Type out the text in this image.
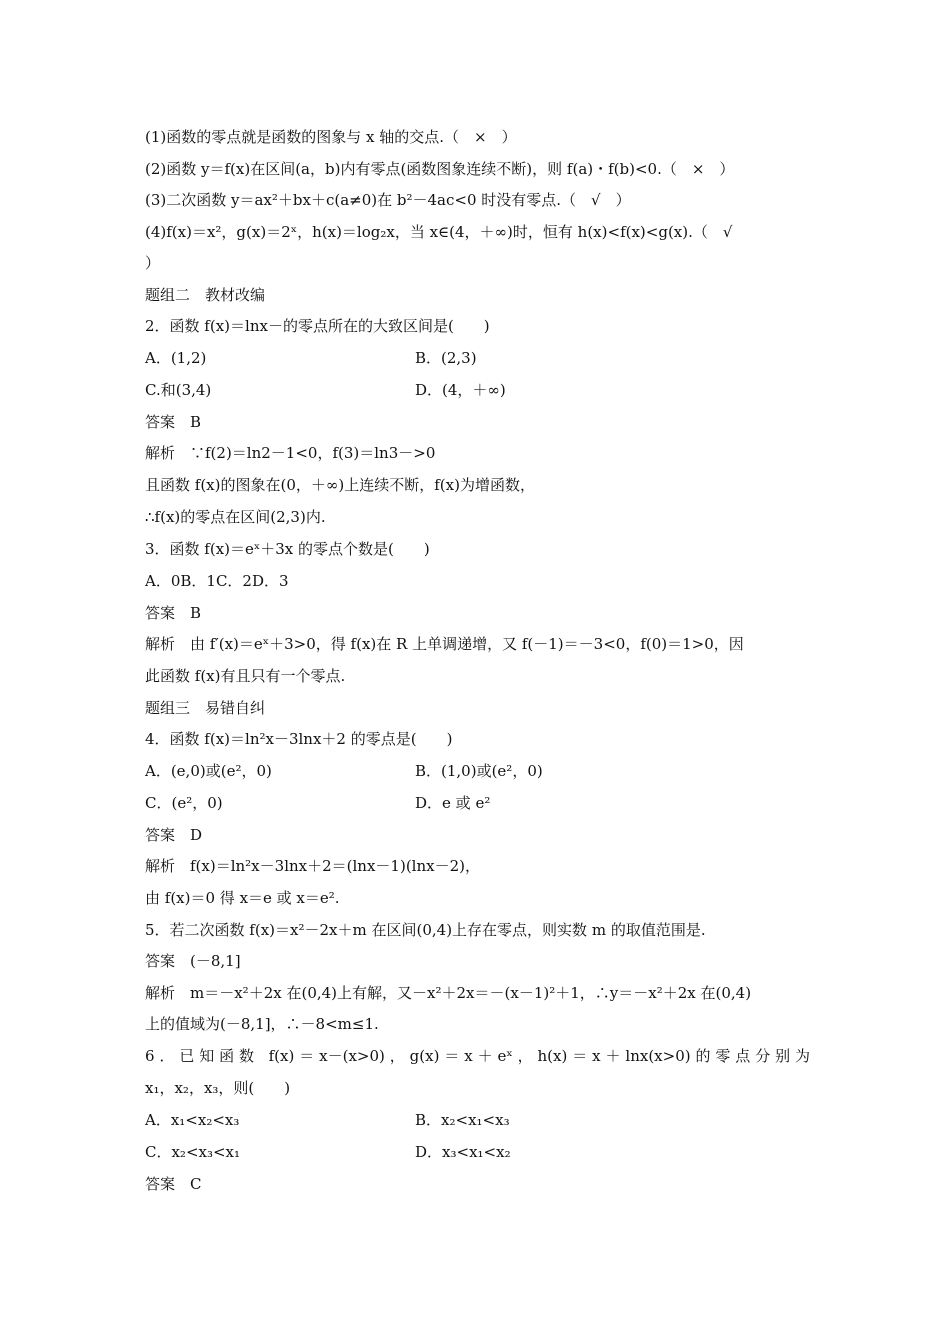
(1)函数的零点就是函数的图象与 x 轴的交点.（　×　）
(2)函数 y＝f(x)在区间(a，b)内有零点(函数图象连续不断)，则 f(a)・f(b)<0.（　×　）
(3)二次函数 y＝ax²＋bx＋c(a≠0)在 b²－4ac<0 时没有零点.（　√　）
(4)f(x)＝x²，g(x)＝2ˣ，h(x)＝log₂x，当 x∈(4，＋∞)时，恒有 h(x)<f(x)<g(x).（　√
）
题组二　教材改编
2．函数 f(x)＝lnx－的零点所在的大致区间是(　　)
A．(1,2)	B．(2,3)
C.和(3,4)	D．(4，＋∞)
答案　B
解析　∵f(2)＝ln2－1<0，f(3)＝ln3－>0
且函数 f(x)的图象在(0，＋∞)上连续不断，f(x)为增函数，
∴f(x)的零点在区间(2,3)内.
3．函数 f(x)＝eˣ＋3x 的零点个数是(　　)
A．0B．1C．2D．3
答案　B
解析　由 f′(x)＝eˣ＋3>0，得 f(x)在 R 上单调递增，又 f(－1)＝－3<0，f(0)＝1>0，因
此函数 f(x)有且只有一个零点.
题组三　易错自纠
4．函数 f(x)＝ln²x－3lnx＋2 的零点是(　　)
A．(e,0)或(e²，0)	B．(1,0)或(e²，0)
C．(e²，0)	D．e 或 e²
答案　D
解析　f(x)＝ln²x－3lnx＋2＝(lnx－1)(lnx－2)，
由 f(x)＝0 得 x＝e 或 x＝e².
5．若二次函数 f(x)＝x²－2x＋m 在区间(0,4)上存在零点，则实数 m 的取值范围是.
答案　(－8,1]
解析　m＝－x²＋2x 在(0,4)上有解，又－x²＋2x＝－(x－1)²＋1，∴y＝－x²＋2x 在(0,4)
上的值域为(－8,1]，∴－8<m≤1.
6．已知函数 f(x)＝x－(x>0)，g(x)＝x＋eˣ，h(x)＝x＋lnx(x>0)的零点分别为
x₁，x₂，x₃，则(　　)
A．x₁<x₂<x₃	B．x₂<x₁<x₃
C．x₂<x₃<x₁	D．x₃<x₁<x₂
答案　C
